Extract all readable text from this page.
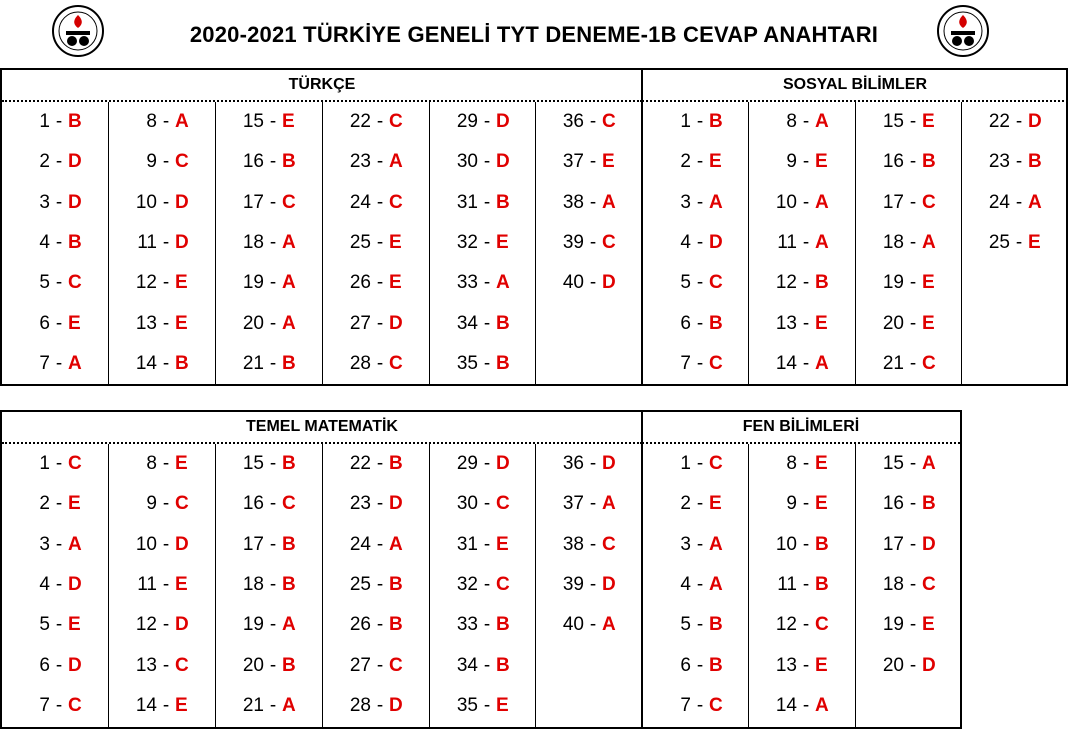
2020-2021 TÜRKİYE GENELİ TYT DENEME-1B CEVAP ANAHTARI
TÜRKÇE	SOSYAL BİLİMLER
1 - B
2 - D
3 - D
4 - B
5 - C
6 - E
7 - A
8 - A
9 - C
10 - D
11 - D
12 - E
13 - E
14 - B
15 - E
16 - B
17 - C
18 - A
19 - A
20 - A
21 - B
22 - C
23 - A
24 - C
25 - E
26 - E
27 - D
28 - C
29 - D
30 - D
31 - B
32 - E
33 - A
34 - B
35 - B
36 - C
37 - E
38 - A
39 - C
40 - D
1 - B
2 - E
3 - A
4 - D
5 - C
6 - B
7 - C
8 - A
9 - E
10 - A
11 - A
12 - B
13 - E
14 - A
15 - E
16 - B
17 - C
18 - A
19 - E
20 - E
21 - C
22 - D
23 - B
24 - A
25 - E
TEMEL MATEMATİK	FEN BİLİMLERİ
1 - C
2 - E
3 - A
4 - D
5 - E
6 - D
7 - C
8 - E
9 - C
10 - D
11 - E
12 - D
13 - C
14 - E
15 - B
16 - C
17 - B
18 - B
19 - A
20 - B
21 - A
22 - B
23 - D
24 - A
25 - B
26 - B
27 - C
28 - D
29 - D
30 - C
31 - E
32 - C
33 - B
34 - B
35 - E
36 - D
37 - A
38 - C
39 - D
40 - A
1 - C
2 - E
3 - A
4 - A
5 - B
6 - B
7 - C
8 - E
9 - E
10 - B
11 - B
12 - C
13 - E
14 - A
15 - A
16 - B
17 - D
18 - C
19 - E
20 - D
